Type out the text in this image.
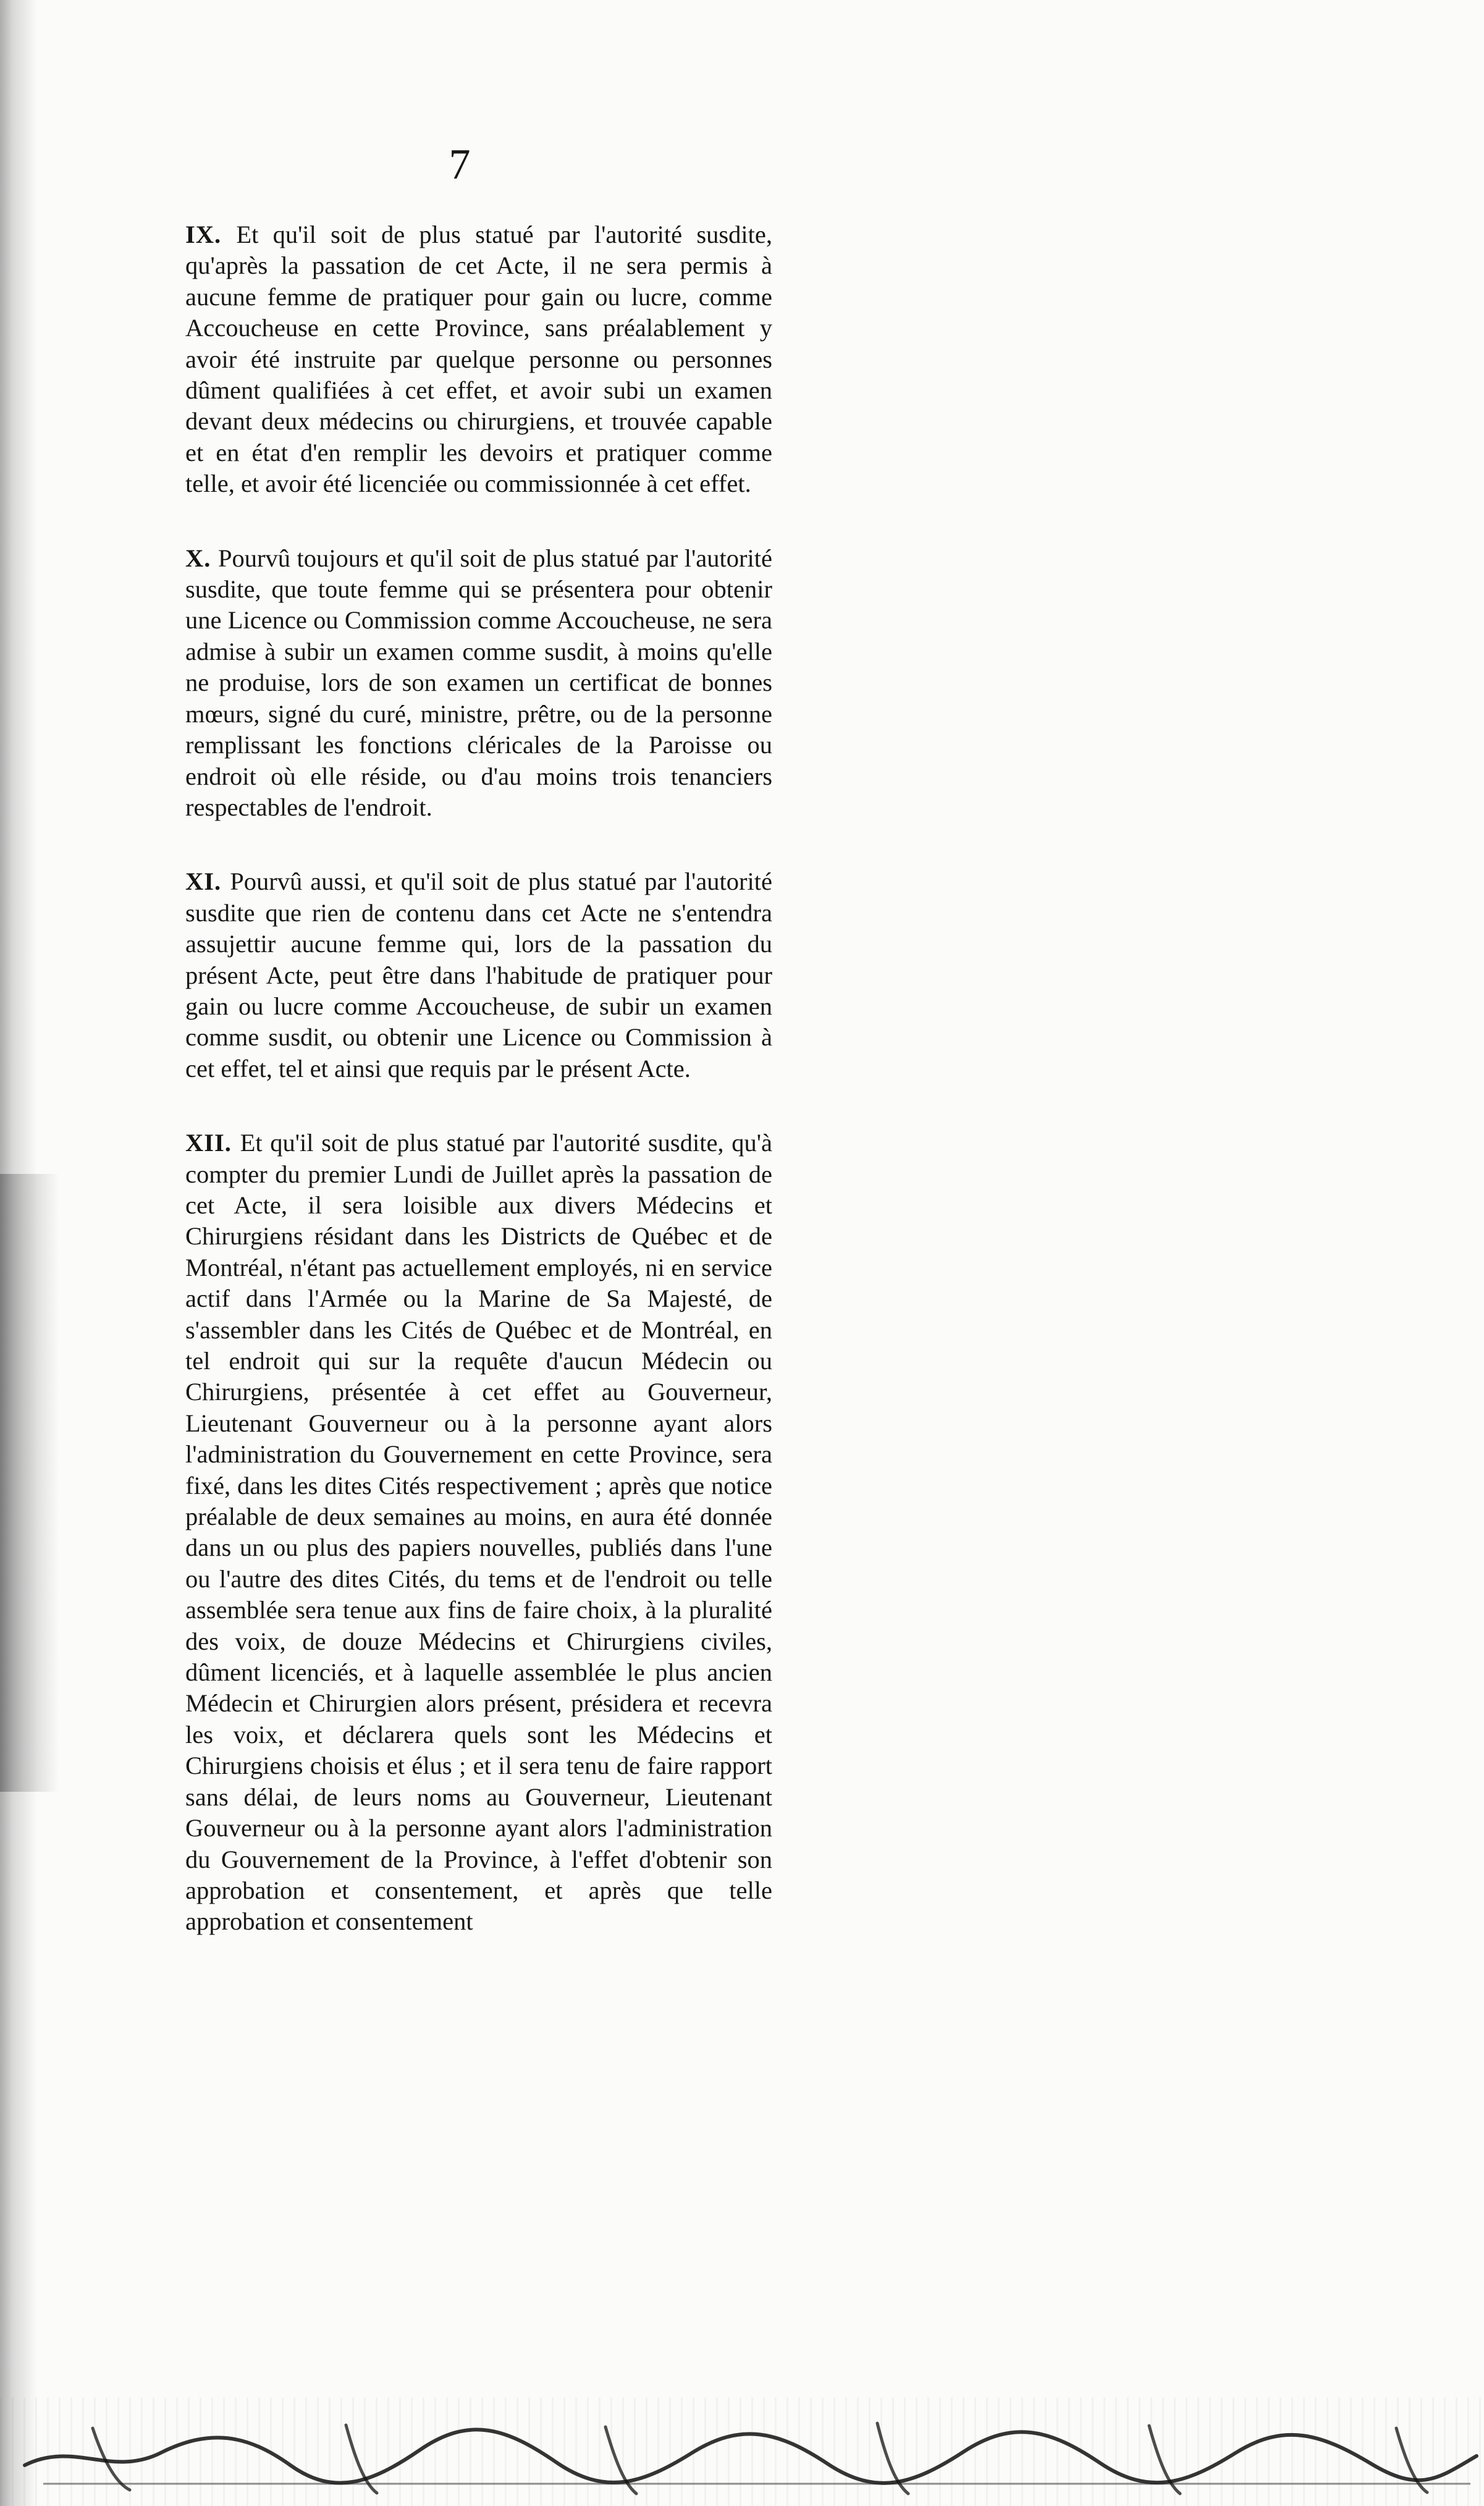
7

IX. Et qu'il soit de plus statué par l'autorité susdite, qu'après la passation de cet Acte, il ne sera permis à aucune femme de pratiquer pour gain ou lucre, comme Accoucheuse en cette Province, sans préalablement y avoir été instruite par quelque personne ou personnes dûment qualifiées à cet effet, et avoir subi un examen devant deux médecins ou chirurgiens, et trouvée capable et en état d'en remplir les devoirs et pratiquer comme telle, et avoir été licenciée ou commissionnée à cet effet.

X. Pourvû toujours et qu'il soit de plus statué par l'autorité susdite, que toute femme qui se présentera pour obtenir une Licence ou Commission comme Accoucheuse, ne sera admise à subir un examen comme susdit, à moins qu'elle ne produise, lors de son examen un certificat de bonnes mœurs, signé du curé, ministre, prêtre, ou de la personne remplissant les fonctions cléricales de la Paroisse ou endroit où elle réside, ou d'au moins trois tenanciers respectables de l'endroit.

XI. Pourvû aussi, et qu'il soit de plus statué par l'autorité susdite que rien de contenu dans cet Acte ne s'entendra assujettir aucune femme qui, lors de la passation du présent Acte, peut être dans l'habitude de pratiquer pour gain ou lucre comme Accoucheuse, de subir un examen comme susdit, ou obtenir une Licence ou Commission à cet effet, tel et ainsi que requis par le présent Acte.

XII. Et qu'il soit de plus statué par l'autorité susdite, qu'à compter du premier Lundi de Juillet après la passation de cet Acte, il sera loisible aux divers Médecins et Chirurgiens résidant dans les Districts de Québec et de Montréal, n'étant pas actuellement employés, ni en service actif dans l'Armée ou la Marine de Sa Majesté, de s'assembler dans les Cités de Québec et de Montréal, en tel endroit qui sur la requête d'aucun Médecin ou Chirurgiens, présentée à cet effet au Gouverneur, Lieutenant Gouverneur ou à la personne ayant alors l'administration du Gouvernement en cette Province, sera fixé, dans les dites Cités respectivement ; après que notice préalable de deux semaines au moins, en aura été donnée dans un ou plus des papiers nouvelles, publiés dans l'une ou l'autre des dites Cités, du tems et de l'endroit ou telle assemblée sera tenue aux fins de faire choix, à la pluralité des voix, de douze Médecins et Chirurgiens civiles, dûment licenciés, et à laquelle assemblée le plus ancien Médecin et Chirurgien alors présent, présidera et recevra les voix, et déclarera quels sont les Médecins et Chirurgiens choisis et élus ; et il sera tenu de faire rapport sans délai, de leurs noms au Gouverneur, Lieutenant Gouverneur ou à la personne ayant alors l'administration du Gouvernement de la Province, à l'effet d'obtenir son approbation et consentement, et après que telle approbation et consentement
